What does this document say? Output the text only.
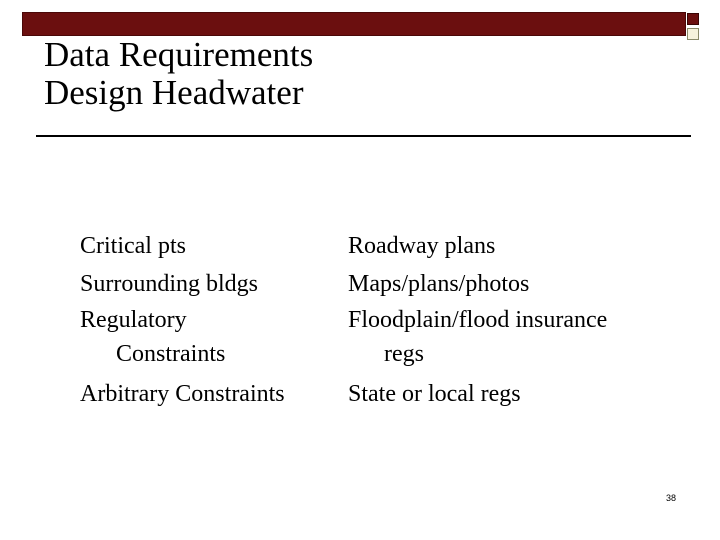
Data Requirements
Design Headwater
Critical pts
Surrounding bldgs
Regulatory
Constraints
Arbitrary Constraints
Roadway plans
Maps/plans/photos
Floodplain/flood insurance
regs
State or local regs
38
